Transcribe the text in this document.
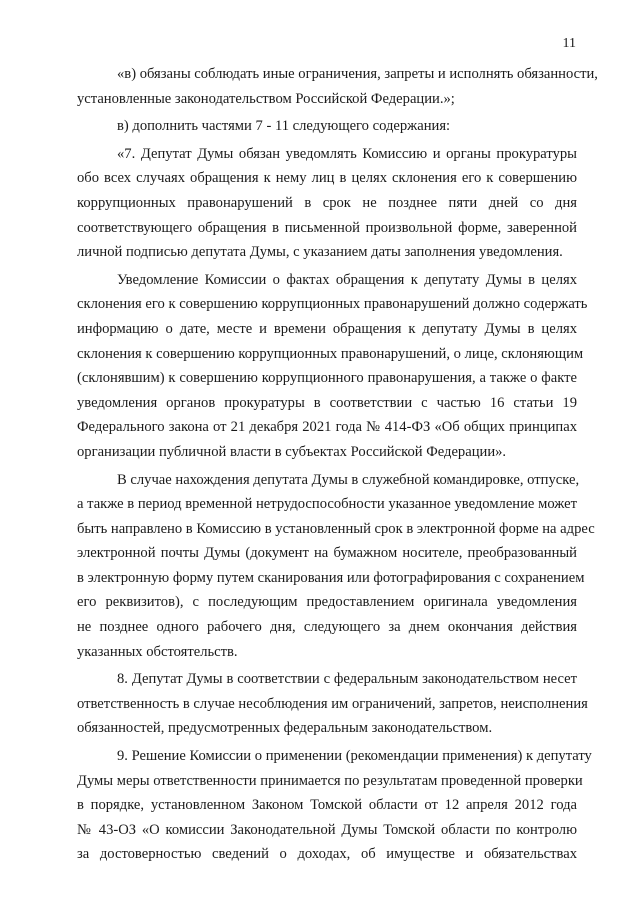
11

«в) обязаны соблюдать иные ограничения, запреты и исполнять обязанности,
установленные законодательством Российской Федерации.»;

в) дополнить частями 7 - 11 следующего содержания:

«7. Депутат Думы обязан уведомлять Комиссию и органы прокуратуры
обо всех случаях обращения к нему лиц в целях склонения его к совершению
коррупционных правонарушений в срок не позднее пяти дней со дня
соответствующего обращения в письменной произвольной форме, заверенной
личной подписью депутата Думы, с указанием даты заполнения уведомления.

Уведомление Комиссии о фактах обращения к депутату Думы в целях
склонения его к совершению коррупционных правонарушений должно содержать
информацию о дате, месте и времени обращения к депутату Думы в целях
склонения к совершению коррупционных правонарушений, о лице, склоняющим
(склонявшим) к совершению коррупционного правонарушения, а также о факте
уведомления органов прокуратуры в соответствии с частью 16 статьи 19
Федерального закона от 21 декабря 2021 года № 414-ФЗ «Об общих принципах
организации публичной власти в субъектах Российской Федерации».

В случае нахождения депутата Думы в служебной командировке, отпуске,
а также в период временной нетрудоспособности указанное уведомление может
быть направлено в Комиссию в установленный срок в электронной форме на адрес
электронной почты Думы (документ на бумажном носителе, преобразованный
в электронную форму путем сканирования или фотографирования с сохранением
его реквизитов), с последующим предоставлением оригинала уведомления
не позднее одного рабочего дня, следующего за днем окончания действия
указанных обстоятельств.

8. Депутат Думы в соответствии с федеральным законодательством несет
ответственность в случае несоблюдения им ограничений, запретов, неисполнения
обязанностей, предусмотренных федеральным законодательством.

9. Решение Комиссии о применении (рекомендации применения) к депутату
Думы меры ответственности принимается по результатам проведенной проверки
в порядке, установленном Законом Томской области от 12 апреля 2012 года
№ 43-ОЗ «О комиссии Законодательной Думы Томской области по контролю
за достоверностью сведений о доходах, об имуществе и обязательствах
